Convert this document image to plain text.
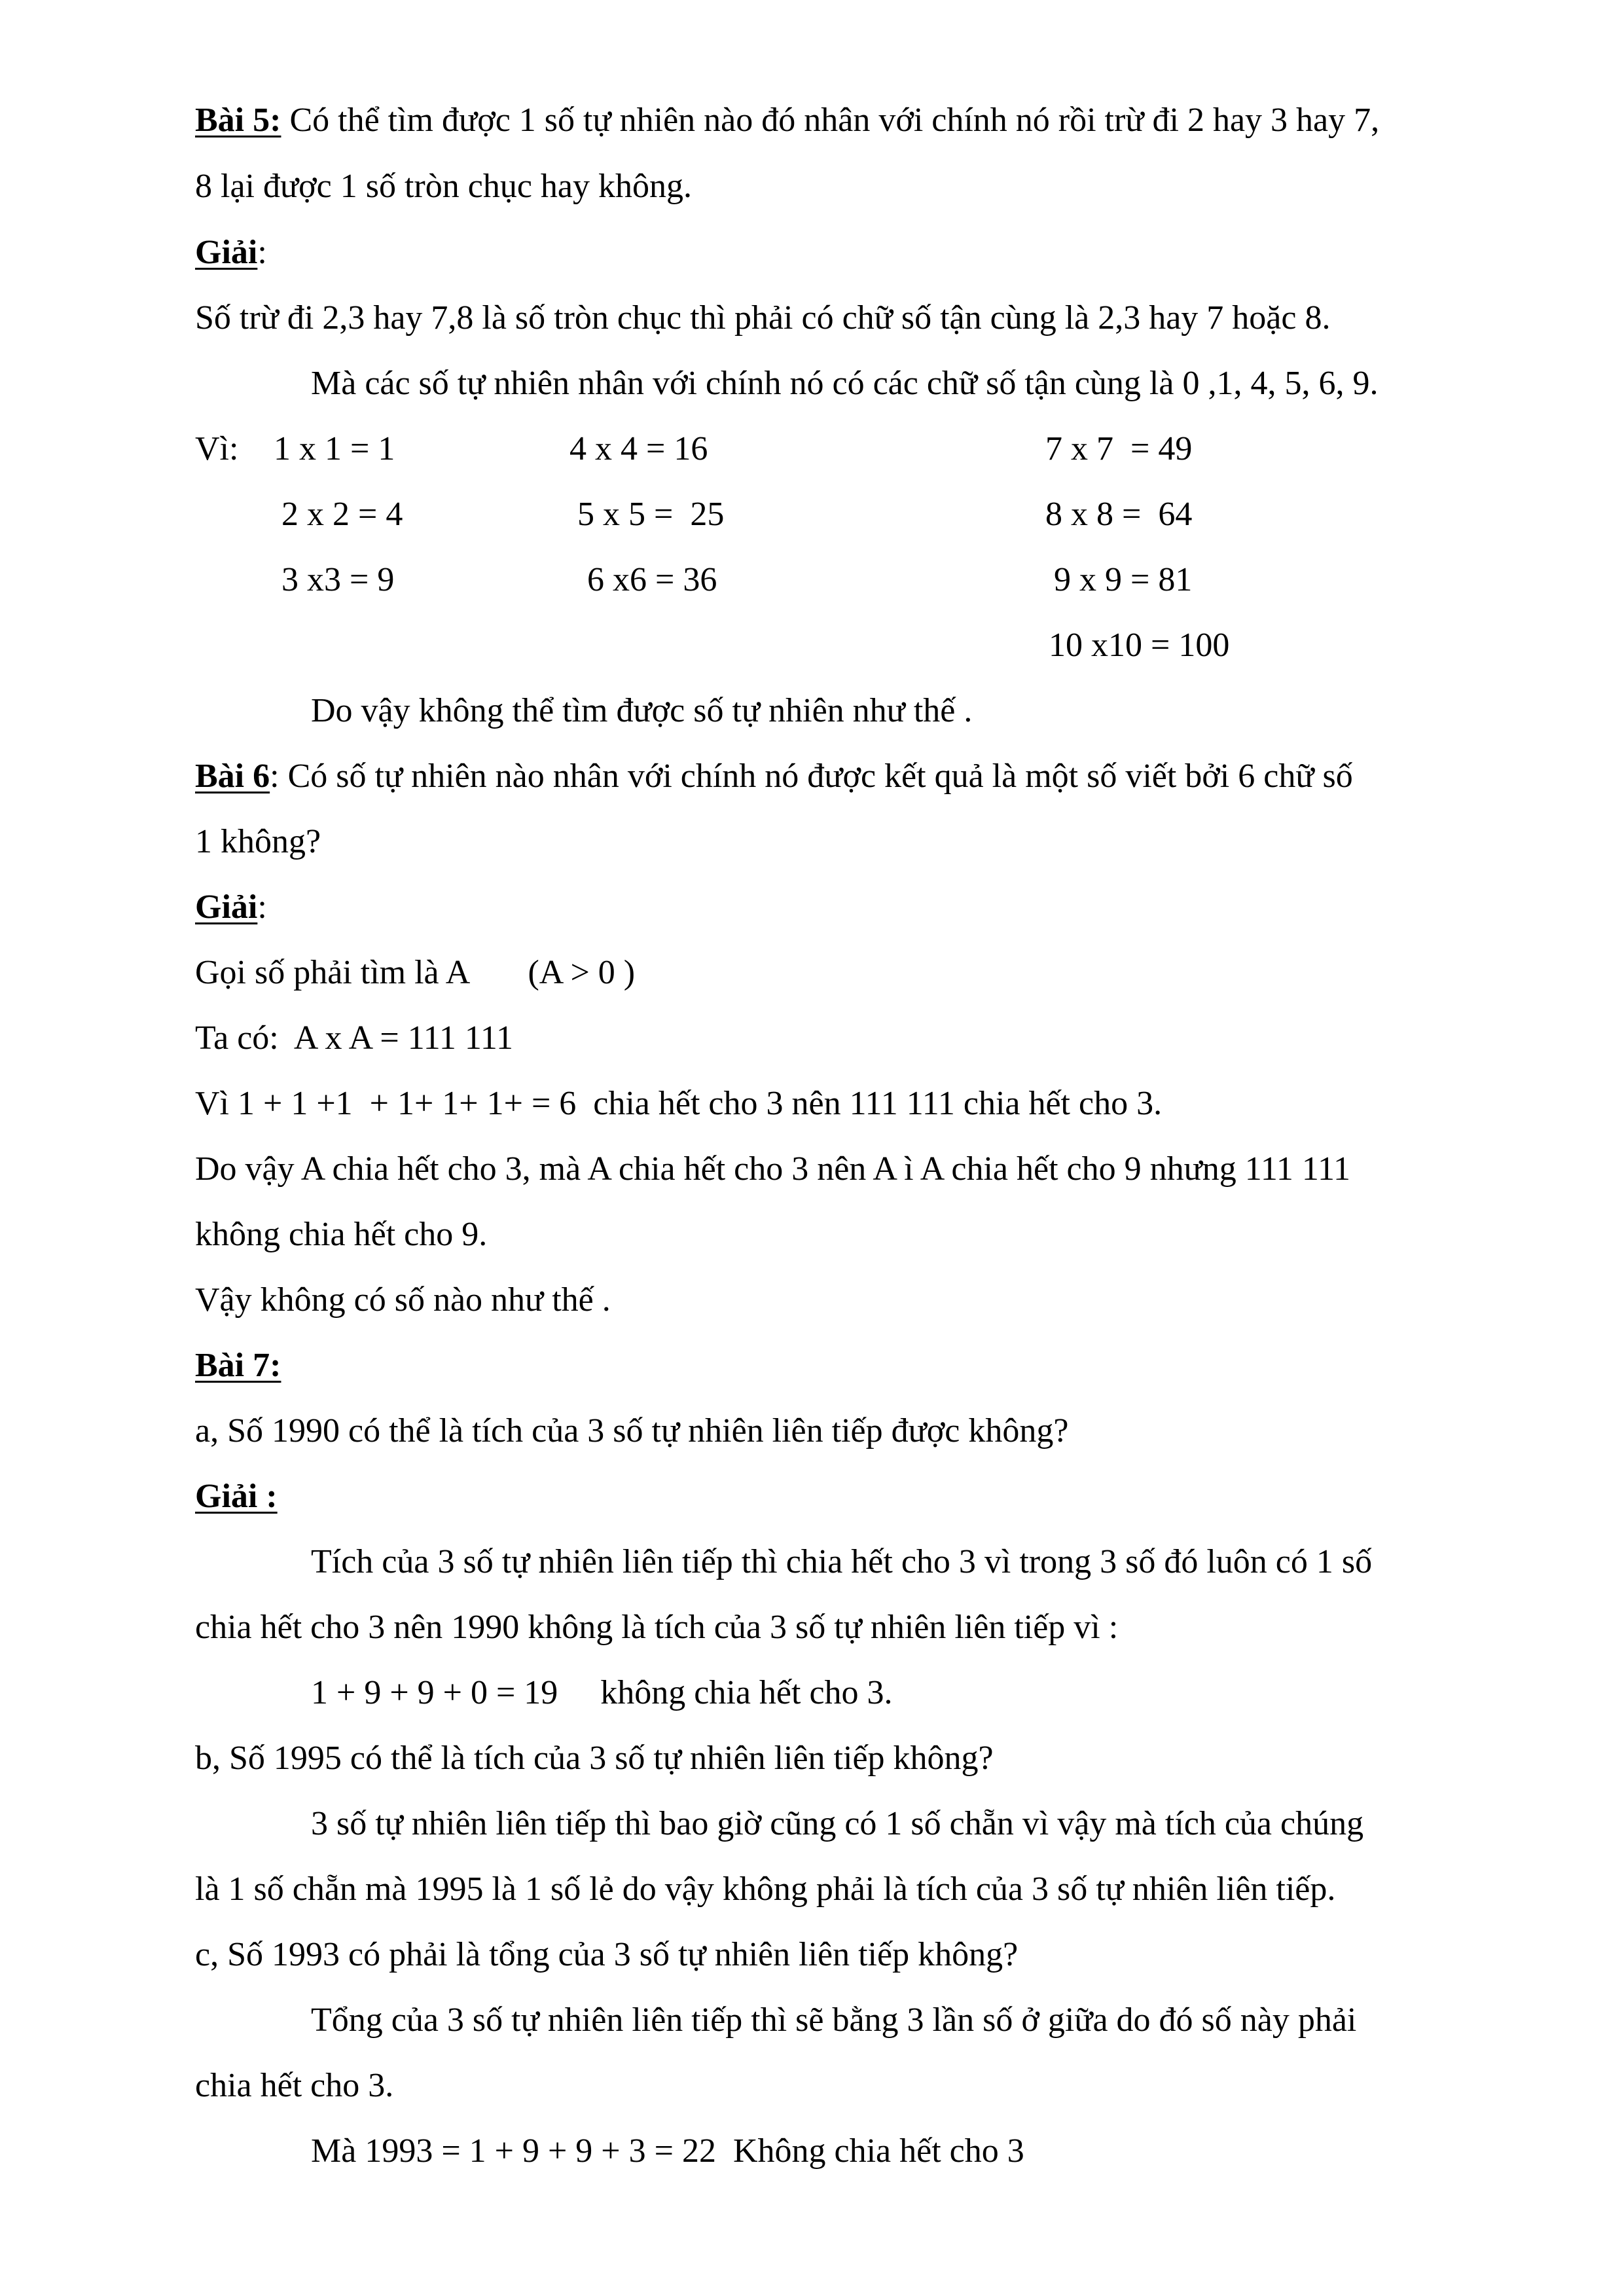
Bài 5: Có thể tìm được 1 số tự nhiên nào đó nhân với chính nó rồi trừ đi 2 hay 3 hay 7,
8 lại được 1 số tròn chục hay không.
Giải:
Số trừ đi 2,3 hay 7,8 là số tròn chục thì phải có chữ số tận cùng là 2,3 hay 7 hoặc 8.
Mà các số tự nhiên nhân với chính nó có các chữ số tận cùng là 0 ,1, 4, 5, 6, 9.
Vì: 1 x 1 = 1
2 x 2 = 4
3 x3 = 9
4 x 4 = 16
5 x 5 =  25
6 x6 = 36
7 x 7  = 49
8 x 8 =  64
9 x 9 = 81
10 x10 = 100
Do vậy không thể tìm được số tự nhiên như thế .
Bài 6: Có số tự nhiên nào nhân với chính nó được kết quả là một số viết bởi 6 chữ số
1 không?
Giải:
Gọi số phải tìm là A       (A > 0 )
Ta có:  A x A = 111 111
Vì 1 + 1 +1  + 1+ 1+ 1+ = 6  chia hết cho 3 nên 111 111 chia hết cho 3.
Do vậy A chia hết cho 3, mà A chia hết cho 3 nên A ì A chia hết cho 9 nhưng 111 111
không chia hết cho 9.
Vậy không có số nào như thế .
Bài 7:
a, Số 1990 có thể là tích của 3 số tự nhiên liên tiếp được không?
Giải :
Tích của 3 số tự nhiên liên tiếp thì chia hết cho 3 vì trong 3 số đó luôn có 1 số
chia hết cho 3 nên 1990 không là tích của 3 số tự nhiên liên tiếp vì :
1 + 9 + 9 + 0 = 19     không chia hết cho 3.
b, Số 1995 có thể là tích của 3 số tự nhiên liên tiếp không?
3 số tự nhiên liên tiếp thì bao giờ cũng có 1 số chẵn vì vậy mà tích của chúng
là 1 số chẵn mà 1995 là 1 số lẻ do vậy không phải là tích của 3 số tự nhiên liên tiếp.
c, Số 1993 có phải là tổng của 3 số tự nhiên liên tiếp không?
Tổng của 3 số tự nhiên liên tiếp thì sẽ bằng 3 lần số ở giữa do đó số này phải
chia hết cho 3.
Mà 1993 = 1 + 9 + 9 + 3 = 22  Không chia hết cho 3
